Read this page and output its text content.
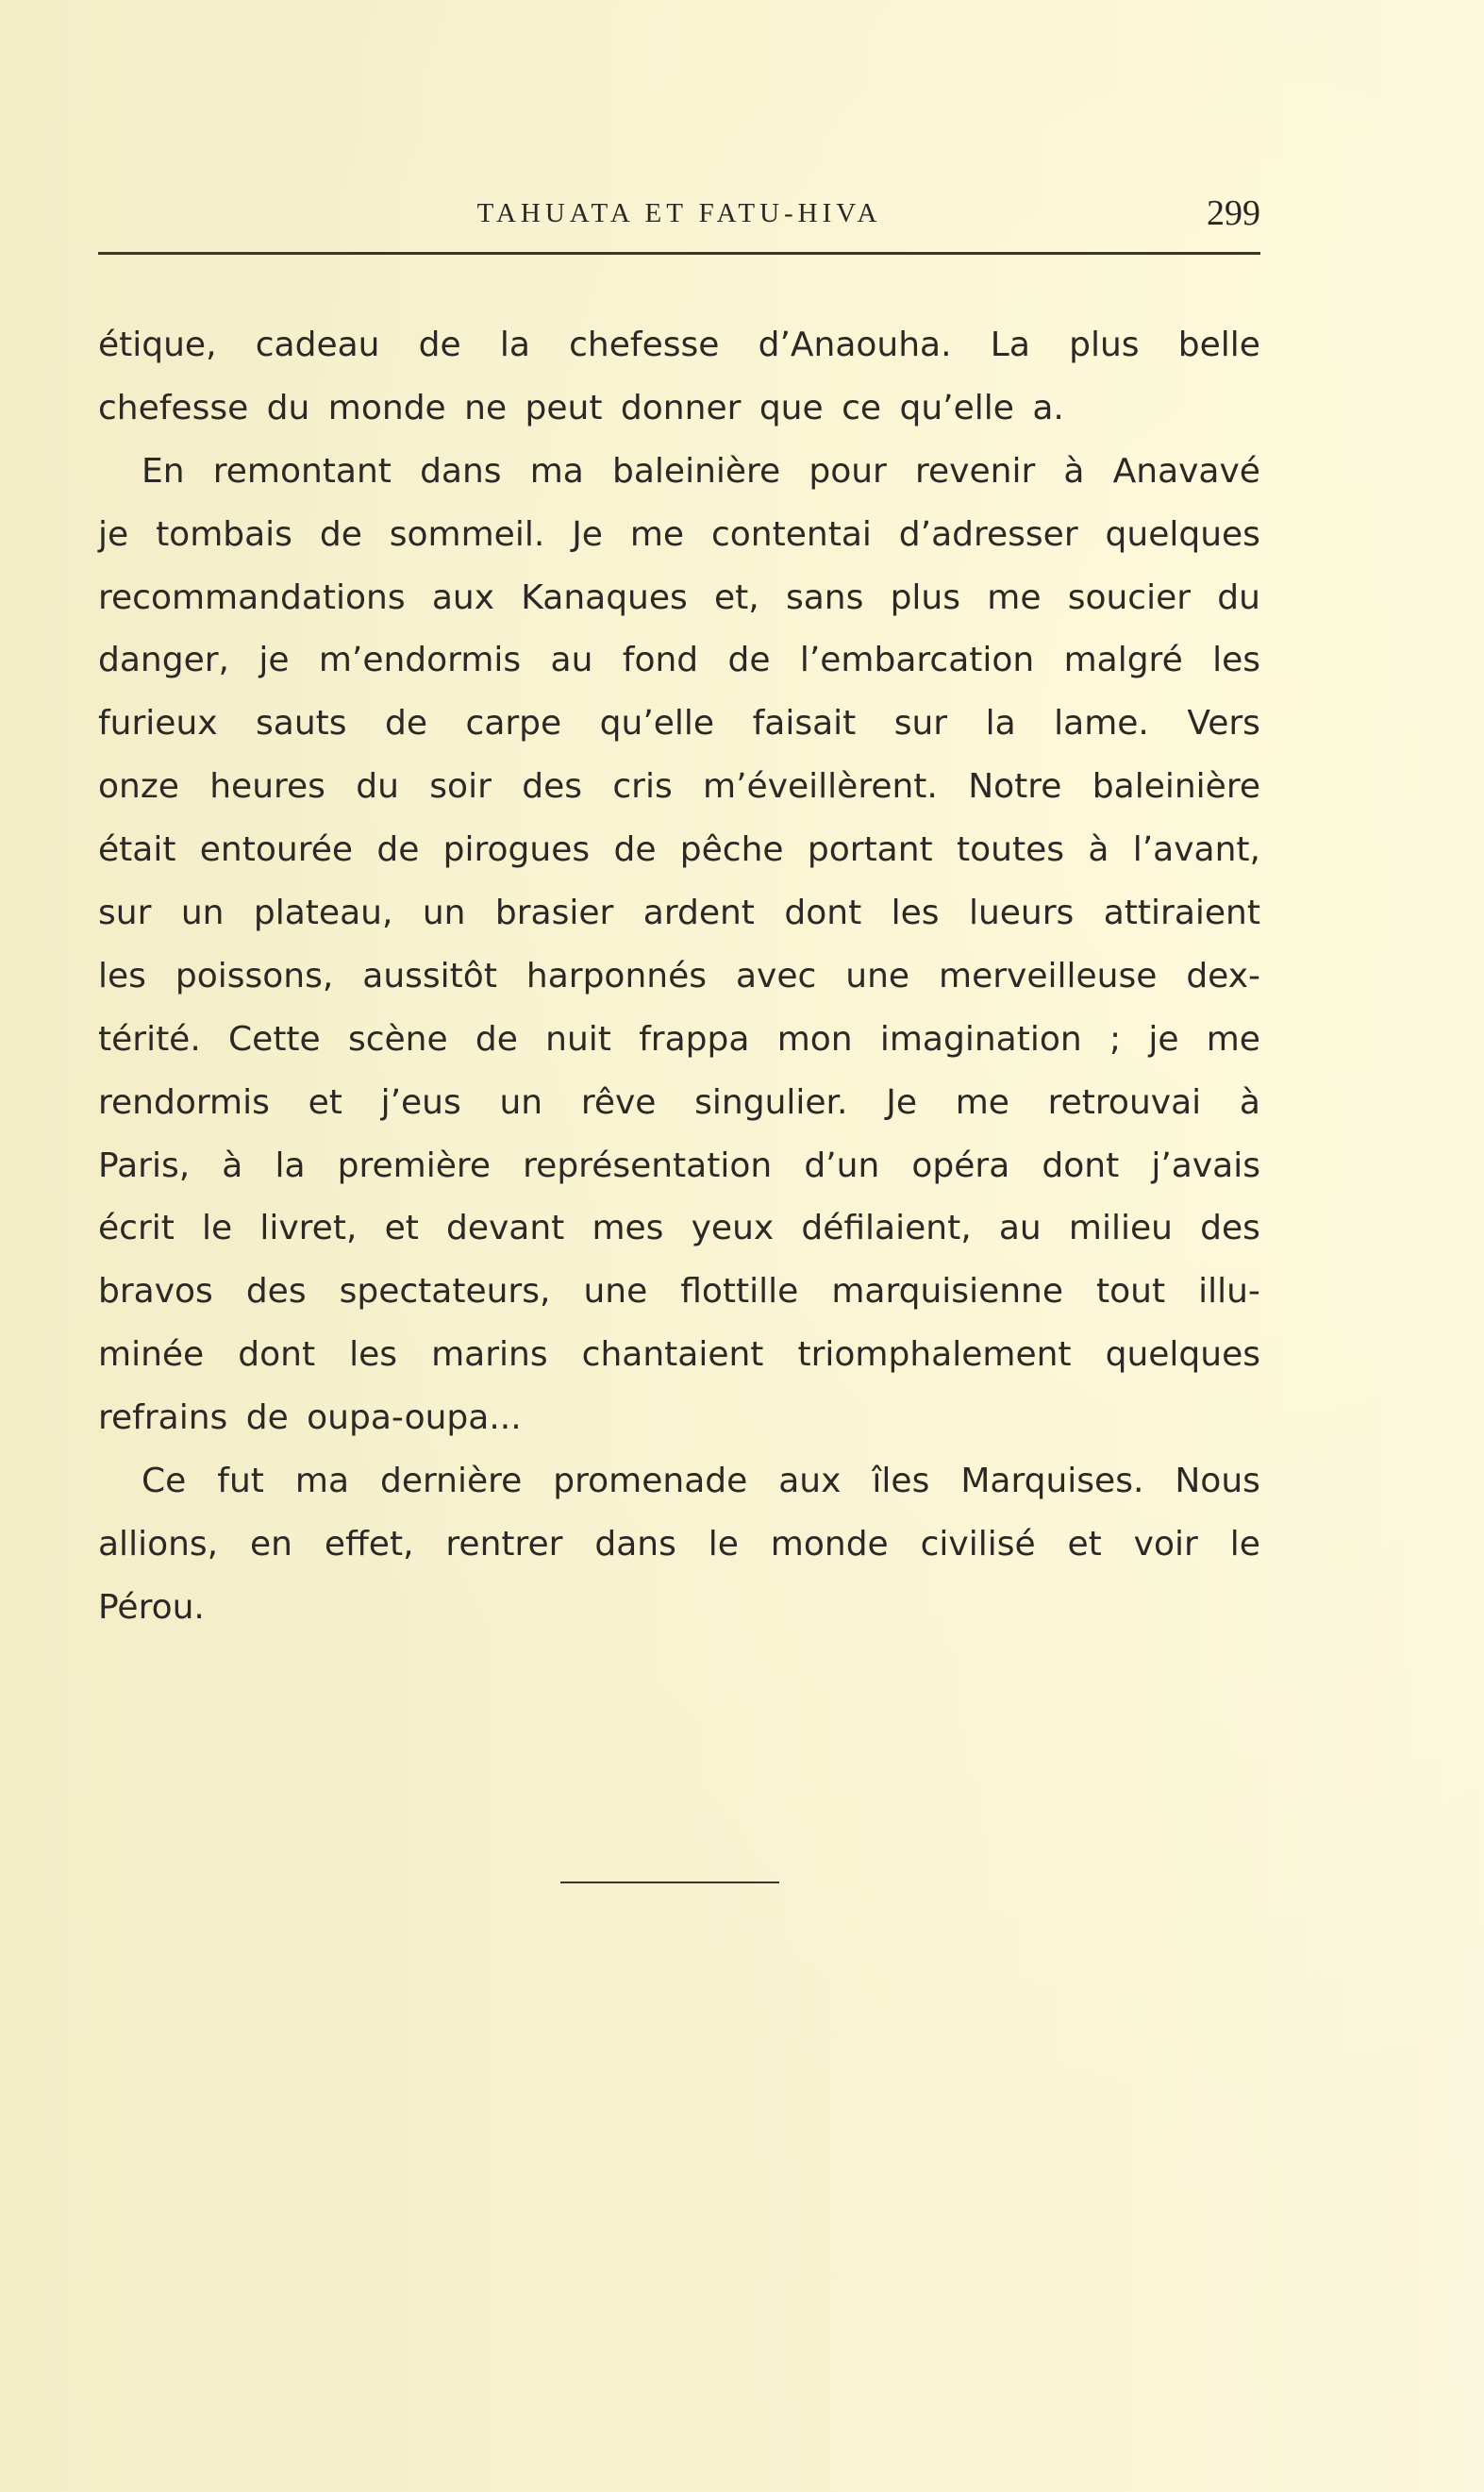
TAHUATA ET FATU-HIVA	299
étique, cadeau de la chefesse d’Anaouha. La plus belle
chefesse du monde ne peut donner que ce qu’elle a.
En remontant dans ma baleinière pour revenir à Anavavé
je tombais de sommeil. Je me contentai d’adresser quelques
recommandations aux Kanaques et, sans plus me soucier du
danger, je m’endormis au fond de l’embarcation malgré les
furieux sauts de carpe qu’elle faisait sur la lame. Vers
onze heures du soir des cris m’éveillèrent. Notre baleinière
était entourée de pirogues de pêche portant toutes à l’avant,
sur un plateau, un brasier ardent dont les lueurs attiraient
les poissons, aussitôt harponnés avec une merveilleuse dex-
térité. Cette scène de nuit frappa mon imagination ; je me
rendormis et j’eus un rêve singulier. Je me retrouvai à
Paris, à la première représentation d’un opéra dont j’avais
écrit le livret, et devant mes yeux défilaient, au milieu des
bravos des spectateurs, une flottille marquisienne tout illu-
minée dont les marins chantaient triomphalement quelques
refrains de oupa-oupa...
Ce fut ma dernière promenade aux îles Marquises. Nous
allions, en effet, rentrer dans le monde civilisé et voir le
Pérou.
